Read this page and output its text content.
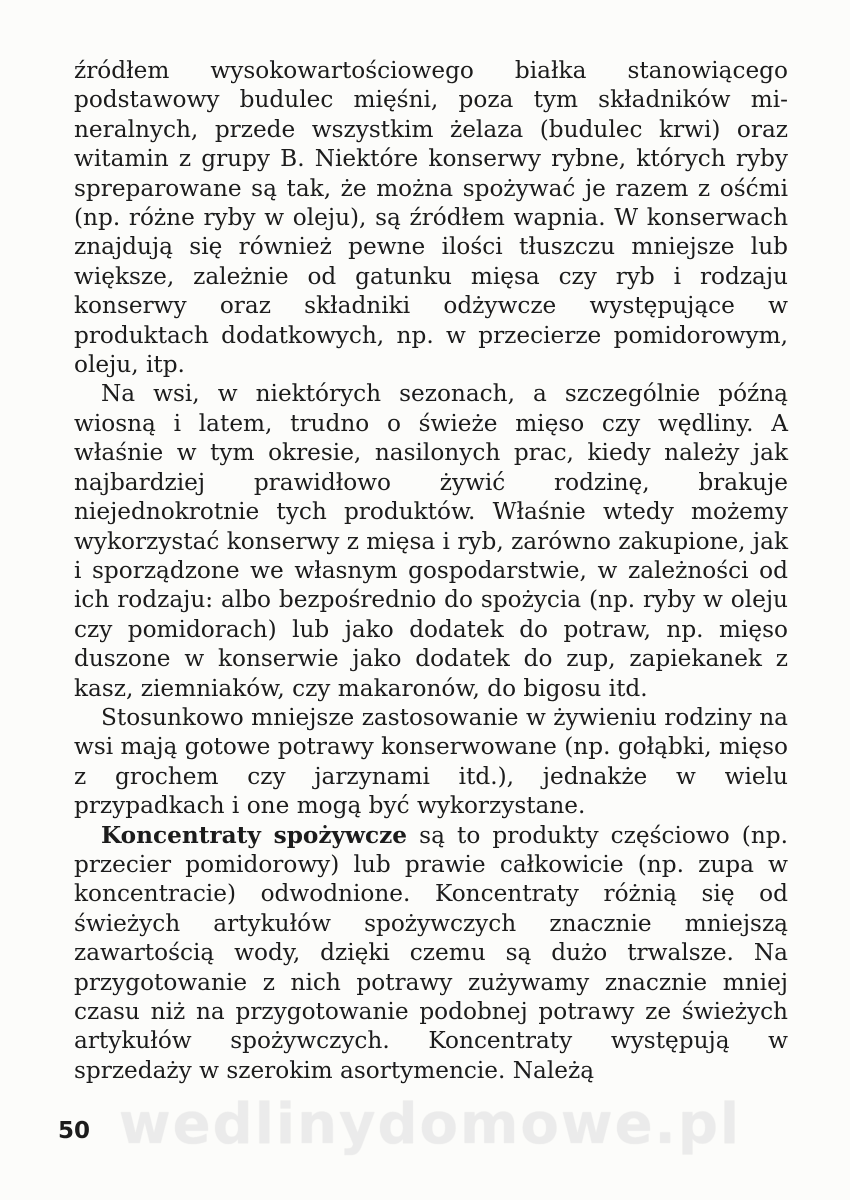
źródłem wysokowartościowego białka stanowiącego podstawowy budulec mięśni, poza tym składników mineralnych, przede wszystkim żelaza (budulec krwi) oraz witamin z grupy B. Niektóre konserwy rybne, których ryby spreparowane są tak, że można spożywać je razem z ośćmi (np. różne ryby w oleju), są źródłem wapnia. W konserwach znajdują się również pewne ilości tłuszczu mniejsze lub większe, zależnie od gatunku mięsa czy ryb i rodzaju konserwy oraz składniki odżywcze występujące w produktach dodatkowych, np. w przecierze pomidorowym, oleju, itp.

Na wsi, w niektórych sezonach, a szczególnie późną wiosną i latem, trudno o świeże mięso czy wędliny. A właśnie w tym okresie, nasilonych prac, kiedy należy jak najbardziej prawidłowo żywić rodzinę, brakuje niejednokrotnie tych produktów. Właśnie wtedy możemy wykorzystać konserwy z mięsa i ryb, zarówno zakupione, jak i sporządzone we własnym gospodarstwie, w zależności od ich rodzaju: albo bezpośrednio do spożycia (np. ryby w oleju czy pomidorach) lub jako dodatek do potraw, np. mięso duszone w konserwie jako dodatek do zup, zapiekanek z kasz, ziemniaków, czy makaronów, do bigosu itd.

Stosunkowo mniejsze zastosowanie w żywieniu rodziny na wsi mają gotowe potrawy konserwowane (np. gołąbki, mięso z grochem czy jarzynami itd.), jednakże w wielu przypadkach i one mogą być wykorzystane.

Koncentraty spożywcze są to produkty częściowo (np. przecier pomidorowy) lub prawie całkowicie (np. zupa w koncentracie) odwodnione. Koncentraty różnią się od świeżych artykułów spożywczych znacznie mniejszą zawartością wody, dzięki czemu są dużo trwalsze. Na przygotowanie z nich potrawy zużywamy znacznie mniej czasu niż na przygotowanie podobnej potrawy ze świeżych artykułów spożywczych. Koncentraty występują w sprzedaży w szerokim asortymencie. Należą

wedlinydomowe.pl
50
